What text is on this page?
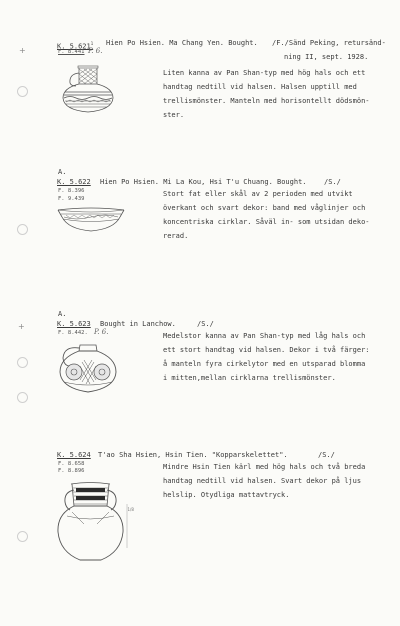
+
+
K. 5.621$^1$ Hien Po Hsien. Ma Chang Yen. Bought. /F./Sänd Peking, retursänd-
ning II, sept. 1928.
F. 8.441 P. 6.
Liten kanna av Pan Shan-typ med hög hals och ett
handtag nedtill vid halsen. Halsen upptill med
trellismönster. Manteln med horisontellt dödsmön-
ster.
A.
K. 5.622 Hien Po Hsien. Mi La Kou, Hsi T'u Chuang. Bought. /S./
F. 8.396
F. 9.439
Stort fat eller skål av 2 perioden med utvikt
överkant och svart dekor: band med våglinjer och
koncentriska cirklar. Såväl in- som utsidan deko-
rerad.
A.
K. 5.623 Bought in Lanchow.	/S./
F. 8.442. P. 6.	Medelstor kanna av Pan Shan-typ med låg hals och
ett stort handtag vid halsen. Dekor i två färger:
å manteln fyra cirkelytor med en utsparad blomma
i mitten,mellan cirklarna trellismönster.
K. 5.624 T'ao Sha Hsien, Hsin Tien. "Kopparskelettet".	/S./
F. 8.658
F. 8.896	Mindre Hsin Tien kärl med hög hals och två breda
handtag nedtill vid halsen. Svart dekor på ljus
helslip. Otydliga mattavtryck.
1/8
